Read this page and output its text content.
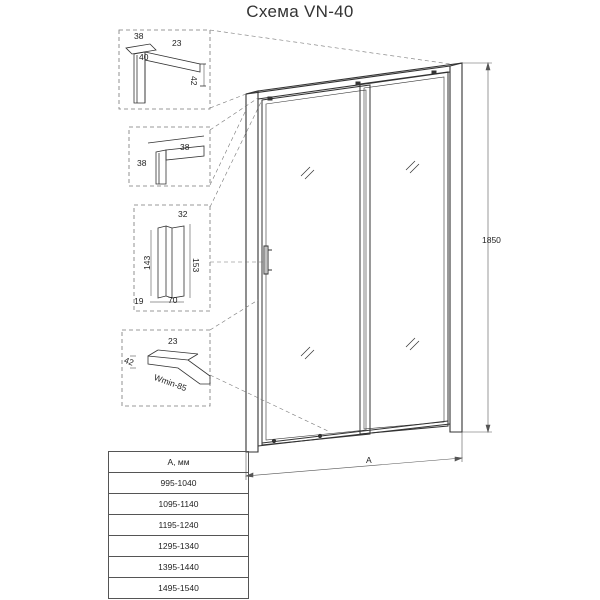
Схема VN-40
1850
A
38
23
40
42
38
38
32
143	153
19	70
23
42
Wmin-85
A, мм
995-1040
1095-1140
1195-1240
1295-1340
1395-1440
1495-1540
